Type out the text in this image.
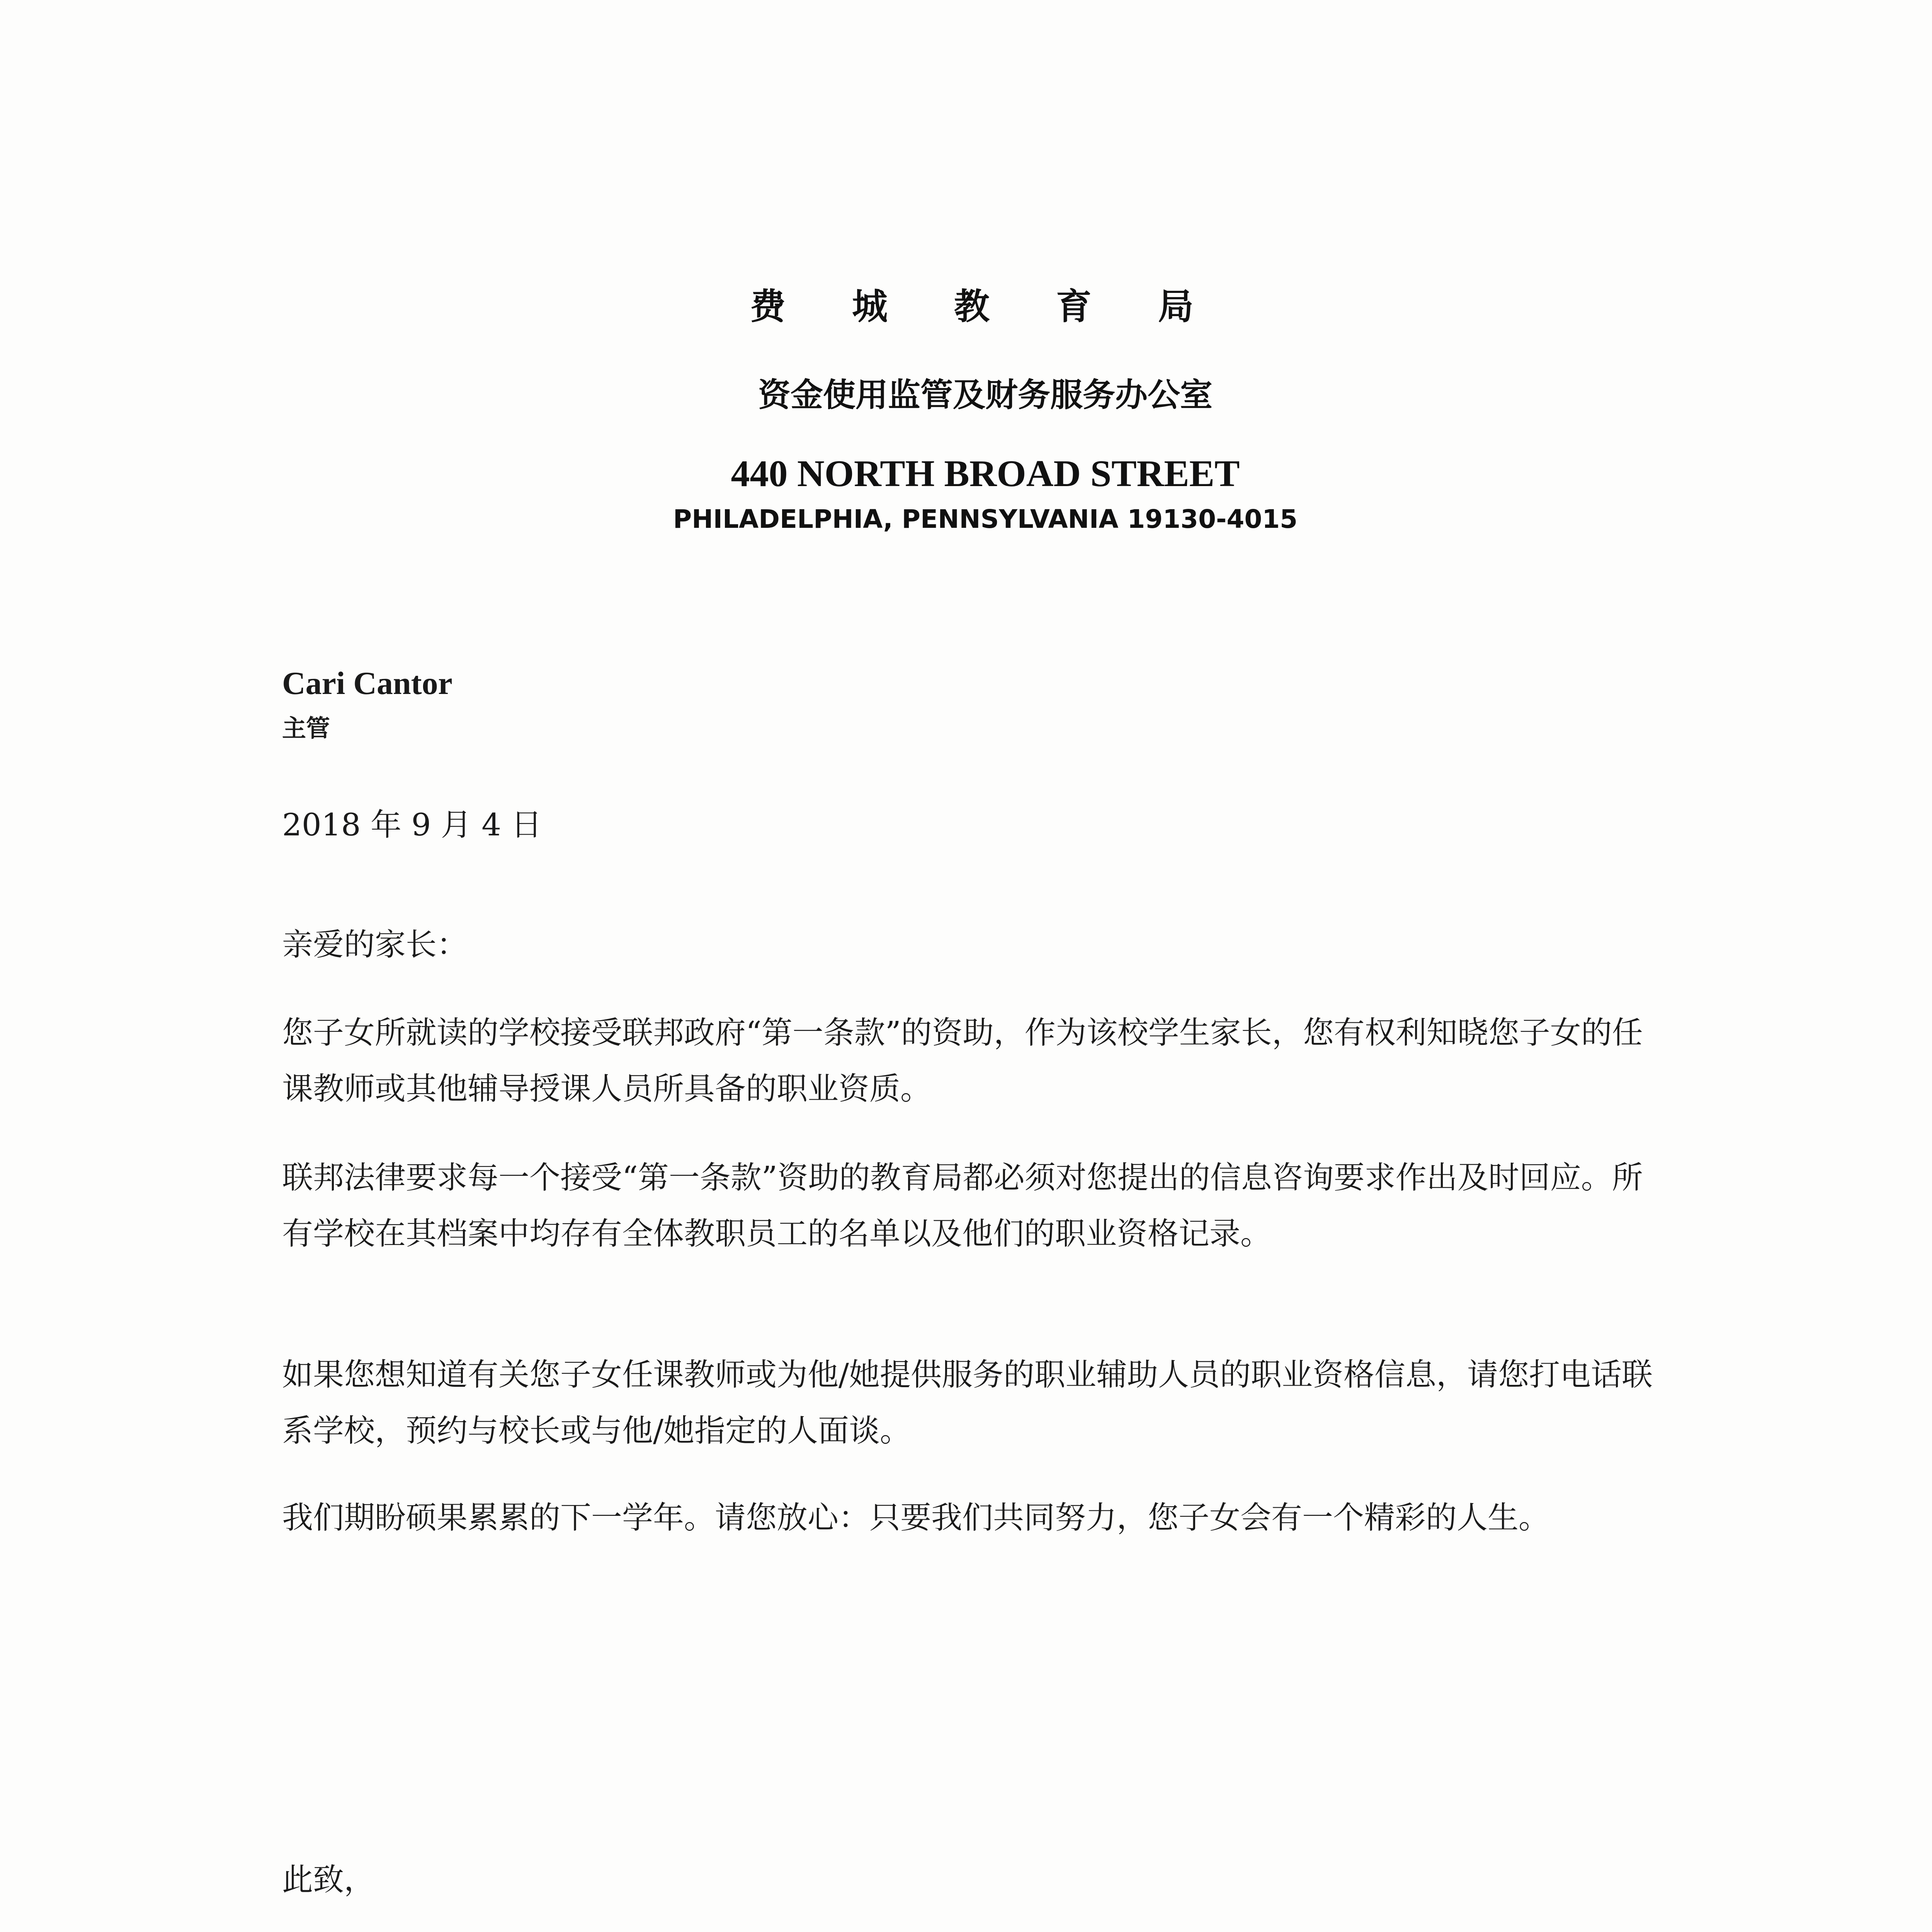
费 城 教 育 局
资金使用监管及财务服务办公室
440 NORTH BROAD STREET
PHILADELPHIA, PENNSYLVANIA 19130-4015
Cari Cantor
主管
2018 年 9 月 4 日
亲爱的家长：

您子女所就读的学校接受联邦政府“第一条款”的资助，作为该校学生家长，您有权利知晓您子女的任课教师或其他辅导授课人员所具备的职业资质。

联邦法律要求每一个接受“第一条款”资助的教育局都必须对您提出的信息咨询要求作出及时回应。所有学校在其档案中均存有全体教职员工的名单以及他们的职业资格记录。

如果您想知道有关您子女任课教师或为他/她提供服务的职业辅助人员的职业资格信息，请您打电话联系学校，预约与校长或与他/她指定的人面谈。

我们期盼硕果累累的下一学年。请您放心：只要我们共同努力，您子女会有一个精彩的人生。

此致，
